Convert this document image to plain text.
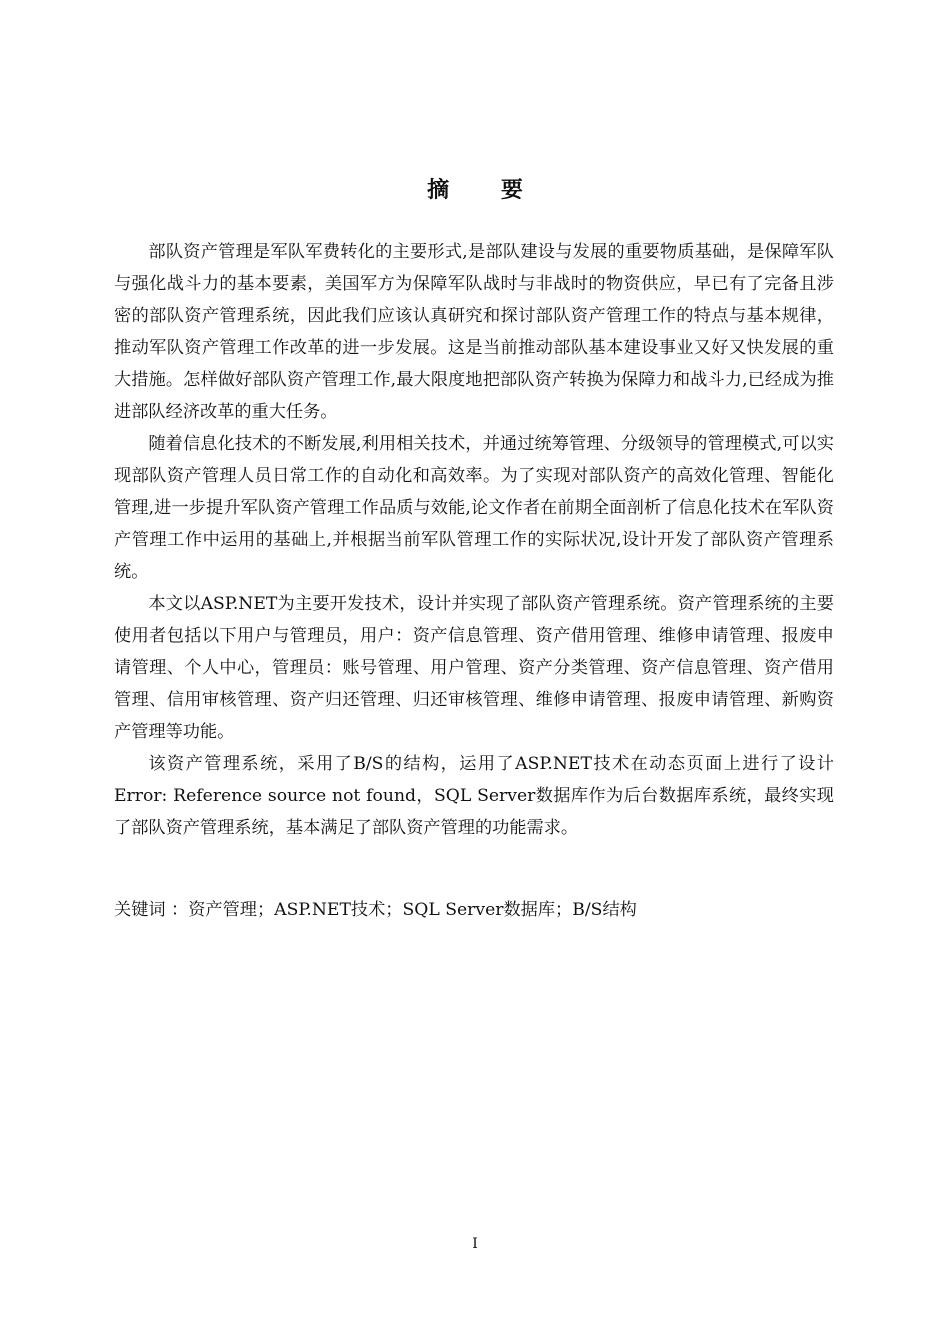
摘 要

部队资产管理是军队军费转化的主要形式,是部队建设与发展的重要物质基础，是保障军队与强化战斗力的基本要素，美国军方为保障军队战时与非战时的物资供应，早已有了完备且涉密的部队资产管理系统，因此我们应该认真研究和探讨部队资产管理工作的特点与基本规律，推动军队资产管理工作改革的进一步发展。这是当前推动部队基本建设事业又好又快发展的重大措施。怎样做好部队资产管理工作,最大限度地把部队资产转换为保障力和战斗力,已经成为推进部队经济改革的重大任务。

随着信息化技术的不断发展,利用相关技术，并通过统筹管理、分级领导的管理模式,可以实现部队资产管理人员日常工作的自动化和高效率。为了实现对部队资产的高效化管理、智能化管理,进一步提升军队资产管理工作品质与效能,论文作者在前期全面剖析了信息化技术在军队资产管理工作中运用的基础上,并根据当前军队管理工作的实际状况,设计开发了部队资产管理系统。

本文以ASP.NET为主要开发技术，设计并实现了部队资产管理系统。资产管理系统的主要使用者包括以下用户与管理员，用户：资产信息管理、资产借用管理、维修申请管理、报废申请管理、个人中心，管理员：账号管理、用户管理、资产分类管理、资产信息管理、资产借用管理、信用审核管理、资产归还管理、归还审核管理、维修申请管理、报废申请管理、新购资产管理等功能。

该资产管理系统，采用了B/S的结构，运用了ASP.NET技术在动态页面上进行了设计Error: Reference source not found，SQL Server数据库作为后台数据库系统，最终实现了部队资产管理系统，基本满足了部队资产管理的功能需求。

关键词 ：资产管理；ASP.NET技术；SQL Server数据库；B/S结构
I
